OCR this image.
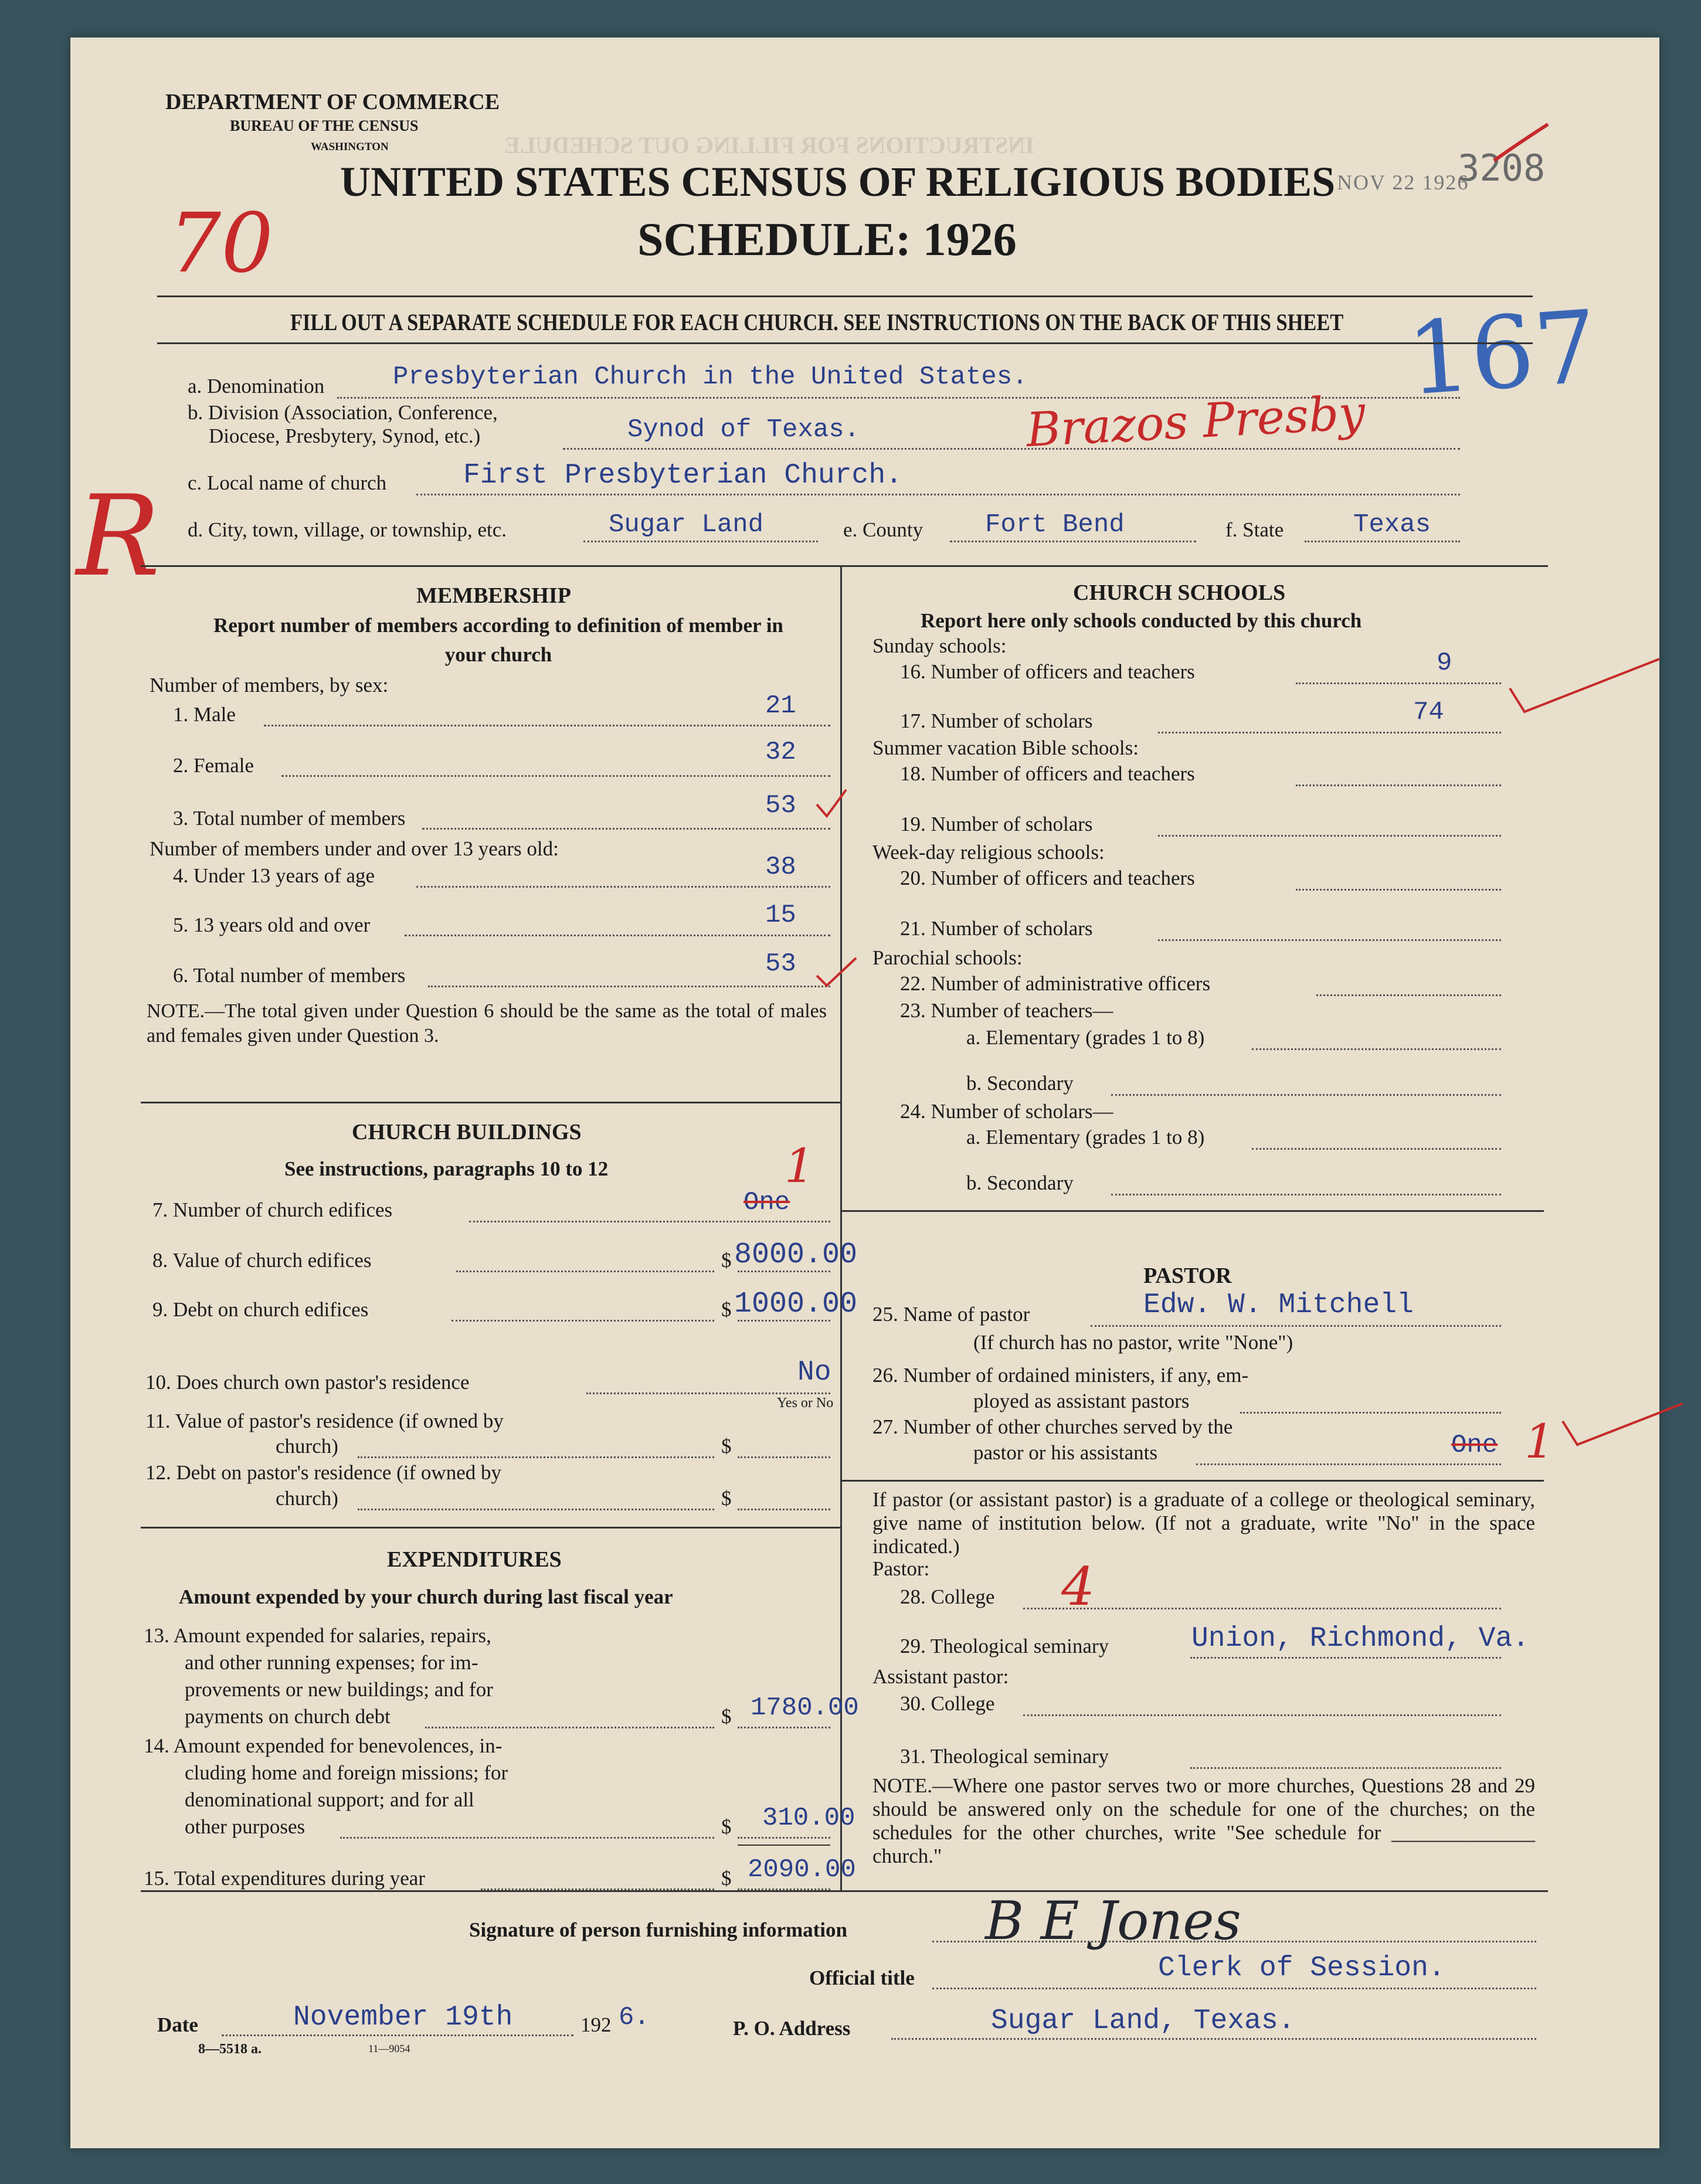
INSTRUCTIONS FOR FILLING OUT SCHEDULE
DEPARTMENT OF COMMERCE
BUREAU OF THE CENSUS
WASHINGTON
UNITED STATES CENSUS OF RELIGIOUS BODIES
SCHEDULE: 1926
NOV 22 1926
3208
70
R
167
FILL OUT A SEPARATE SCHEDULE FOR EACH CHURCH. SEE INSTRUCTIONS ON THE BACK OF THIS SHEET
a. Denomination	Presbyterian Church in the United States.
b. Division (Association, Conference,
Diocese, Presbytery, Synod, etc.)	Synod of Texas.	Brazos Presby
c. Local name of church	First Presbyterian Church.
d. City, town, village, or township, etc.	Sugar Land	e. County Fort Bend	f. State	Texas
MEMBERSHIP
Report number of members according to definition of member in your church
Number of members, by sex:
1. Male	21
2. Female	32
3. Total number of members	53
Number of members under and over 13 years old:
4. Under 13 years of age	38
5. 13 years old and over	15
6. Total number of members	53
NOTE.—The total given under Question 6 should be the same as the total of males and females given under Question 3.
CHURCH BUILDINGS
See instructions, paragraphs 10 to 12
7. Number of church edifices	One
1
8. Value of church edifices	$ 8000.00
9. Debt on church edifices	$ 1000.00
10. Does church own pastor's residence	No
Yes or No
11. Value of pastor's residence (if owned by
church)	$
12. Debt on pastor's residence (if owned by
church)	$
EXPENDITURES
Amount expended by your church during last fiscal year
13. Amount expended for salaries, repairs,
and other running expenses; for im-
provements or new buildings; and for
payments on church debt	$ 1780.00
14. Amount expended for benevolences, in-
cluding home and foreign missions; for
denominational support; and for all
other purposes	$ 310.00
15. Total expenditures during year	$ 2090.00
CHURCH SCHOOLS
Report here only schools conducted by this church
Sunday schools:
16. Number of officers and teachers	9
17. Number of scholars	74
Summer vacation Bible schools:
18. Number of officers and teachers
19. Number of scholars
Week-day religious schools:
20. Number of officers and teachers
21. Number of scholars
Parochial schools:
22. Number of administrative officers
23. Number of teachers—
a. Elementary (grades 1 to 8)
b. Secondary
24. Number of scholars—
a. Elementary (grades 1 to 8)
b. Secondary
PASTOR
25. Name of pastor	Edw. W. Mitchell
(If church has no pastor, write "None")
26. Number of ordained ministers, if any, em-
ployed as assistant pastors
27. Number of other churches served by the
pastor or his assistants	One 1
If pastor (or assistant pastor) is a graduate of a college or theological seminary, give name of institution below. (If not a graduate, write "No" in the space indicated.)
Pastor:
28. College 4
29. Theological seminary	Union, Richmond, Va.
Assistant pastor:
30. College
31. Theological seminary
NOTE.—Where one pastor serves two or more churches, Questions 28 and 29 should be answered only on the schedule for one of the churches; on the schedules for the other churches, write "See schedule for ______________ church."
Signature of person furnishing information	B E Jones
Official title	Clerk of Session.
Date	November 19th	192 6.	P. O. Address	Sugar Land, Texas.
8—5518 a.	11—9054
